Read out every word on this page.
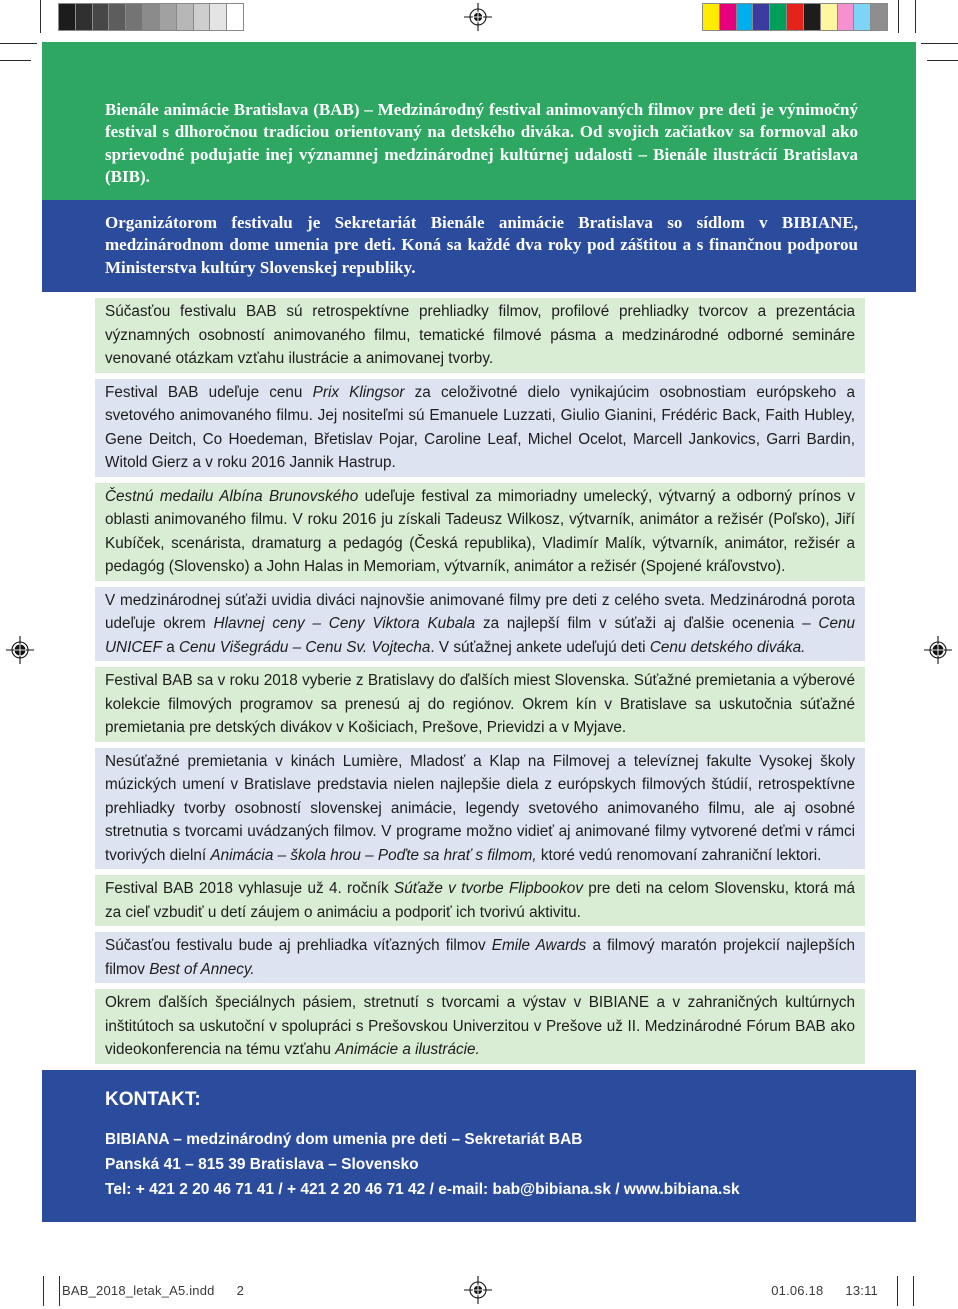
Bienále animácie Bratislava (BAB) – Medzinárodný festival animovaných filmov pre deti je výnimočný festival s dlhoročnou tradíciou orientovaný na detského diváka. Od svojich začiatkov sa formoval ako sprievodné podujatie inej významnej medzinárodnej kultúrnej udalosti – Bienále ilustrácií Bratislava (BIB).
Organizátorom festivalu je Sekretariát Bienále animácie Bratislava so sídlom v BIBIANE, medzinárodnom dome umenia pre deti. Koná sa každé dva roky pod záštitou a s finančnou podporou Ministerstva kultúry Slovenskej republiky.
Súčasťou festivalu BAB sú retrospektívne prehliadky filmov, profilové prehliadky tvorcov a prezentácia významných osobností animovaného filmu, tematické filmové pásma a medzinárodné odborné semináre venované otázkam vzťahu ilustrácie a animovanej tvorby.
Festival BAB udeľuje cenu Prix Klingsor za celoživotné dielo vynikajúcim osobnostiam európskeho a svetového animovaného filmu. Jej nositeľmi sú Emanuele Luzzati, Giulio Gianini, Frédéric Back, Faith Hubley, Gene Deitch, Co Hoedeman, Břetislav Pojar, Caroline Leaf, Michel Ocelot, Marcell Jankovics, Garri Bardin, Witold Gierz a v roku 2016 Jannik Hastrup.
Čestnú medailu Albína Brunovského udeľuje festival za mimoriadny umelecký, výtvarný a odborný prínos v oblasti animovaného filmu. V roku 2016 ju získali Tadeusz Wilkosz, výtvarník, animátor a režisér (Poľsko), Jiří Kubíček, scenárista, dramaturg a pedagóg (Česká republika), Vladimír Malík, výtvarník, animátor, režisér a pedagóg (Slovensko) a John Halas in Memoriam, výtvarník, animátor a režisér (Spojené kráľovstvo).
V medzinárodnej súťaži uvidia diváci najnovšie animované filmy pre deti z celého sveta. Medzinárodná porota udeľuje okrem Hlavnej ceny – Ceny Viktora Kubala za najlepší film v súťaži aj ďalšie ocenenia – Cenu UNICEF a Cenu Višegrádu – Cenu Sv. Vojtecha. V súťažnej ankete udeľujú deti Cenu detského diváka.
Festival BAB sa v roku 2018 vyberie z Bratislavy do ďalších miest Slovenska. Súťažné premietania a výberové kolekcie filmových programov sa prenesú aj do regiónov. Okrem kín v Bratislave sa uskutočnia súťažné premietania pre detských divákov v Košiciach, Prešove, Prievidzi a v Myjave.
Nesúťažné premietania v kinách Lumière, Mladosť a Klap na Filmovej a televíznej fakulte Vysokej školy múzických umení v Bratislave predstavia nielen najlepšie diela z európskych filmových štúdií, retrospektívne prehliadky tvorby osobností slovenskej animácie, legendy svetového animovaného filmu, ale aj osobné stretnutia s tvorcami uvádzaných filmov. V programe možno vidieť aj animované filmy vytvorené deťmi v rámci tvorivých dielní Animácia – škola hrou – Poďte sa hrať s filmom, ktoré vedú renomovaní zahraniční lektori.
Festival BAB 2018 vyhlasuje už 4. ročník Súťaže v tvorbe Flipbookov pre deti na celom Slovensku, ktorá má za cieľ vzbudiť u detí záujem o animáciu a podporiť ich tvorivú aktivitu.
Súčasťou festivalu bude aj prehliadka víťazných filmov Emile Awards a filmový maratón projekcií najlepších filmov Best of Annecy.
Okrem ďalších špeciálnych pásiem, stretnutí s tvorcami a výstav v BIBIANE a v zahraničných kultúrnych inštitútoch sa uskutoční v spolupráci s Prešovskou Univerzitou v Prešove už II. Medzinárodné Fórum BAB ako videokonferencia na tému vzťahu Animácie a ilustrácie.
KONTAKT:
BIBIANA – medzinárodný dom umenia pre deti – Sekretariát BAB
Panská 41 – 815 39 Bratislava – Slovensko
Tel: + 421 2 20 46 71 41 / + 421 2 20 46 71 42 / e-mail: bab@bibiana.sk / www.bibiana.sk
BAB_2018_letak_A5.indd 2	01.06.18 13:11
